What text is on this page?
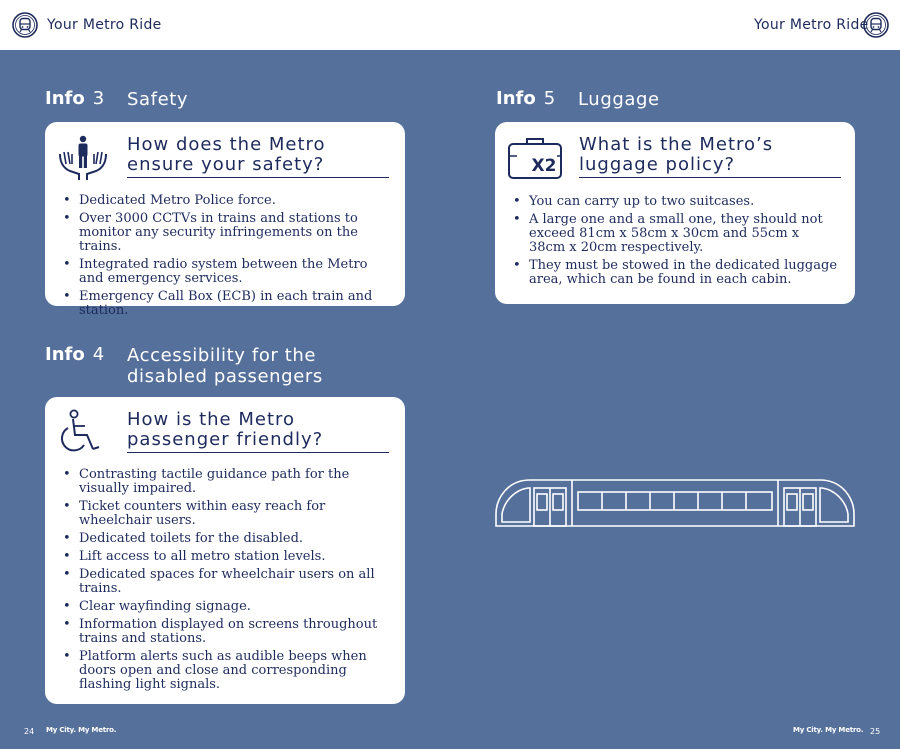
Your Metro Ride	Your Metro Ride
Info 3 Safety
How does the Metro ensure your safety?
• Dedicated Metro Police force.
• Over 3000 CCTVs in trains and stations to monitor any security infringements on the trains.
• Integrated radio system between the Metro and emergency services.
• Emergency Call Box (ECB) in each train and station.
Info 5 Luggage
X2
What is the Metro’s luggage policy?
• You can carry up to two suitcases.
• A large one and a small one, they should not exceed 81cm x 58cm x 30cm and 55cm x 38cm x 20cm respectively.
• They must be stowed in the dedicated luggage area, which can be found in each cabin.
Info 4 Accessibility for the disabled passengers
How is the Metro passenger friendly?
• Contrasting tactile guidance path for the visually impaired.
• Ticket counters within easy reach for wheelchair users.
• Dedicated toilets for the disabled.
• Lift access to all metro station levels.
• Dedicated spaces for wheelchair users on all trains.
• Clear wayfinding signage.
• Information displayed on screens throughout trains and stations.
• Platform alerts such as audible beeps when doors open and close and corresponding flashing light signals.
24 My City. My Metro.	My City. My Metro. 25
